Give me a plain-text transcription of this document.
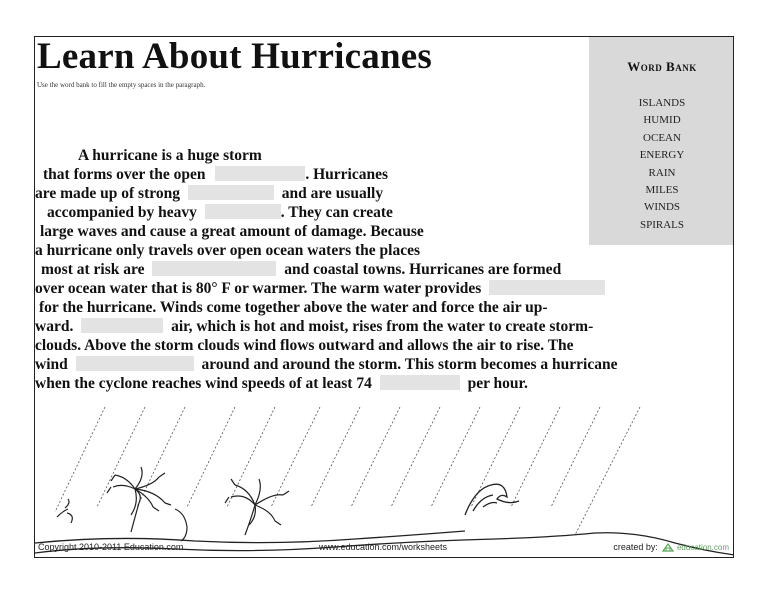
Learn About Hurricanes
Use the word bank to fill the empty spaces in the paragraph.
Word Bank
ISLANDS
HUMID
OCEAN
ENERGY
RAIN
MILES
WINDS
SPIRALS
A hurricane is a huge storm
that forms over the open	. Hurricanes
are made up of strong	and are usually
accompanied by heavy	. They can create
large waves and cause a great amount of damage. Because
a hurricane only travels over open ocean waters the places
most at risk are	and coastal towns. Hurricanes are formed
over ocean water that is 80° F or warmer. The warm water provides
for the hurricane. Winds come together above the water and force the air up-
ward.	air, which is hot and moist, rises from the water to create storm-
clouds. Above the storm clouds wind flows outward and allows the air to rise. The
wind	around and around the storm. This storm becomes a hurricane
when the cyclone reaches wind speeds of at least 74	per hour.
Copyright 2010-2011 Education.com	www.education.com/worksheets	created by: education.com
